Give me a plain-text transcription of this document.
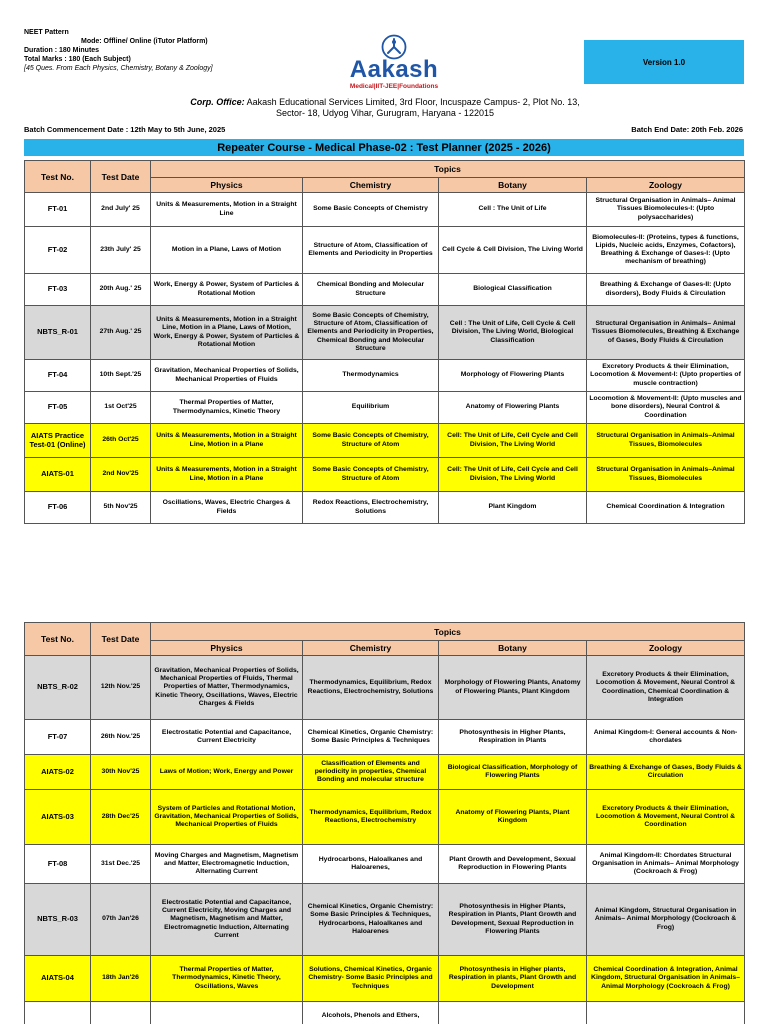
NEET Pattern
Mode: Offline/ Online (iTutor Platform)
Duration : 180 Minutes
Total Marks : 180 (Each Subject)
[45 Ques. From Each Physics, Chemistry, Botany & Zoology]	Aakash
Medical|IIT-JEE|Foundations
Version 1.0
Corp. Office: Aakash Educational Services Limited, 3rd Floor, Incuspaze Campus- 2, Plot No. 13,
Sector- 18, Udyog Vihar, Gurugram, Haryana - 122015
Batch Commencement Date : 12th May to 5th June, 2025	Batch End Date: 20th Feb. 2026
Repeater Course - Medical Phase-02 : Test Planner (2025 - 2026)
Test No.	Test Date	Topics			
		Physics	Chemistry	Botany	Zoology
FT-01	2nd July' 25	Units & Measurements, Motion in a Straight Line	Some Basic Concepts of Chemistry	Cell : The Unit of Life	Structural Organisation in Animals– Animal Tissues Biomolecules-I: (Upto polysaccharides)
FT-02	23th July' 25	Motion in a Plane, Laws of Motion	Structure of Atom, Classification of Elements and Periodicity in Properties	Cell Cycle & Cell Division, The Living World	Biomolecules-II: (Proteins, types & functions, Lipids, Nucleic acids, Enzymes, Cofactors), Breathing & Exchange of Gases-I: (Upto mechanism of breathing)
FT-03	20th Aug.' 25	Work, Energy & Power, System of Particles & Rotational Motion	Chemical Bonding and Molecular Structure	Biological Classification	Breathing & Exchange of Gases-II: (Upto disorders), Body Fluids & Circulation
NBTS_R-01	27th Aug.' 25	Units & Measurements, Motion in a Straight Line, Motion in a Plane, Laws of Motion, Work, Energy & Power, System of Particles & Rotational Motion	Some Basic Concepts of Chemistry, Structure of Atom, Classification of Elements and Periodicity in Properties, Chemical Bonding and Molecular Structure	Cell : The Unit of Life, Cell Cycle & Cell Division, The Living World, Biological Classification	Structural Organisation in Animals– Animal Tissues Biomolecules, Breathing & Exchange of Gases, Body Fluids & Circulation
FT-04	10th Sept.'25	Gravitation, Mechanical Properties of Solids, Mechanical Properties of Fluids	Thermodynamics	Morphology of Flowering Plants	Excretory Products & their Elimination, Locomotion & Movement-I: (Upto properties of muscle contraction)
FT-05	1st Oct'25	Thermal Properties of Matter, Thermodynamics, Kinetic Theory	Equilibrium	Anatomy of Flowering Plants	Locomotion & Movement-II: (Upto muscles and bone disorders), Neural Control & Coordination
AIATS Practice Test-01 (Online)	26th Oct'25	Units & Measurements, Motion in a Straight Line, Motion in a Plane	Some Basic Concepts of Chemistry, Structure of Atom	Cell: The Unit of Life, Cell Cycle and Cell Division, The Living World	Structural Organisation in Animals–Animal Tissues, Biomolecules
AIATS-01	2nd Nov'25	Units & Measurements, Motion in a Straight Line, Motion in a Plane	Some Basic Concepts of Chemistry, Structure of Atom	Cell: The Unit of Life, Cell Cycle and Cell Division, The Living World	Structural Organisation in Animals–Animal Tissues, Biomolecules
FT-06	5th Nov'25	Oscillations, Waves, Electric Charges & Fields	Redox Reactions, Electrochemistry, Solutions	Plant Kingdom	Chemical Coordination & Integration
Test No.	Test Date	Topics			
		Physics	Chemistry	Botany	Zoology
NBTS_R-02	12th Nov.'25	Gravitation, Mechanical Properties of Solids, Mechanical Properties of Fluids, Thermal Properties of Matter, Thermodynamics, Kinetic Theory, Oscillations, Waves, Electric Charges & Fields	Thermodynamics, Equilibrium, Redox Reactions, Electrochemistry, Solutions	Morphology of Flowering Plants, Anatomy of Flowering Plants, Plant Kingdom	Excretory Products & their Elimination, Locomotion & Movement, Neural Control & Coordination, Chemical Coordination & Integration
FT-07	26th Nov.'25	Electrostatic Potential and Capacitance, Current Electricity	Chemical Kinetics, Organic Chemistry: Some Basic Principles & Techniques	Photosynthesis in Higher Plants, Respiration in Plants	Animal Kingdom-I: General accounts & Non-chordates
AIATS-02	30th Nov'25	Laws of Motion; Work, Energy and Power	Classification of Elements and periodicity in properties, Chemical Bonding and molecular structure	Biological Classification, Morphology of Flowering Plants	Breathing & Exchange of Gases, Body Fluids & Circulation
AIATS-03	28th Dec'25	System of Particles and Rotational Motion, Gravitation, Mechanical Properties of Solids, Mechanical Properties of Fluids	Thermodynamics, Equilibrium, Redox Reactions, Electrochemistry	Anatomy of Flowering Plants, Plant Kingdom	Excretory Products & their Elimination, Locomotion & Movement, Neural Control & Coordination
FT-08	31st Dec.'25	Moving Charges and Magnetism, Magnetism and Matter, Electromagnetic Induction, Alternating Current	Hydrocarbons, Haloalkanes and Haloarenes,	Plant Growth and Development, Sexual Reproduction in Flowering Plants	Animal Kingdom-II: Chordates Structural Organisation in Animals– Animal Morphology (Cockroach & Frog)
NBTS_R-03	07th Jan'26	Electrostatic Potential and Capacitance, Current Electricity, Moving Charges and Magnetism, Magnetism and Matter, Electromagnetic Induction, Alternating Current	Chemical Kinetics, Organic Chemistry: Some Basic Principles & Techniques, Hydrocarbons, Haloalkanes and Haloarenes	Photosynthesis in Higher Plants, Respiration in Plants, Plant Growth and Development, Sexual Reproduction in Flowering Plants	Animal Kingdom, Structural Organisation in Animals– Animal Morphology (Cockroach & Frog)
AIATS-04	18th Jan'26	Thermal Properties of Matter, Thermodynamics, Kinetic Theory, Oscillations, Waves	Solutions, Chemical Kinetics, Organic Chemistry- Some Basic Principles and Techniques	Photosynthesis in Higher plants, Respiration in plants, Plant Growth and Development	Chemical Coordination & Integration, Animal Kingdom, Structural Organisation in Animals– Animal Morphology (Cockroach & Frog)
			Alcohols, Phenols and Ethers,		
